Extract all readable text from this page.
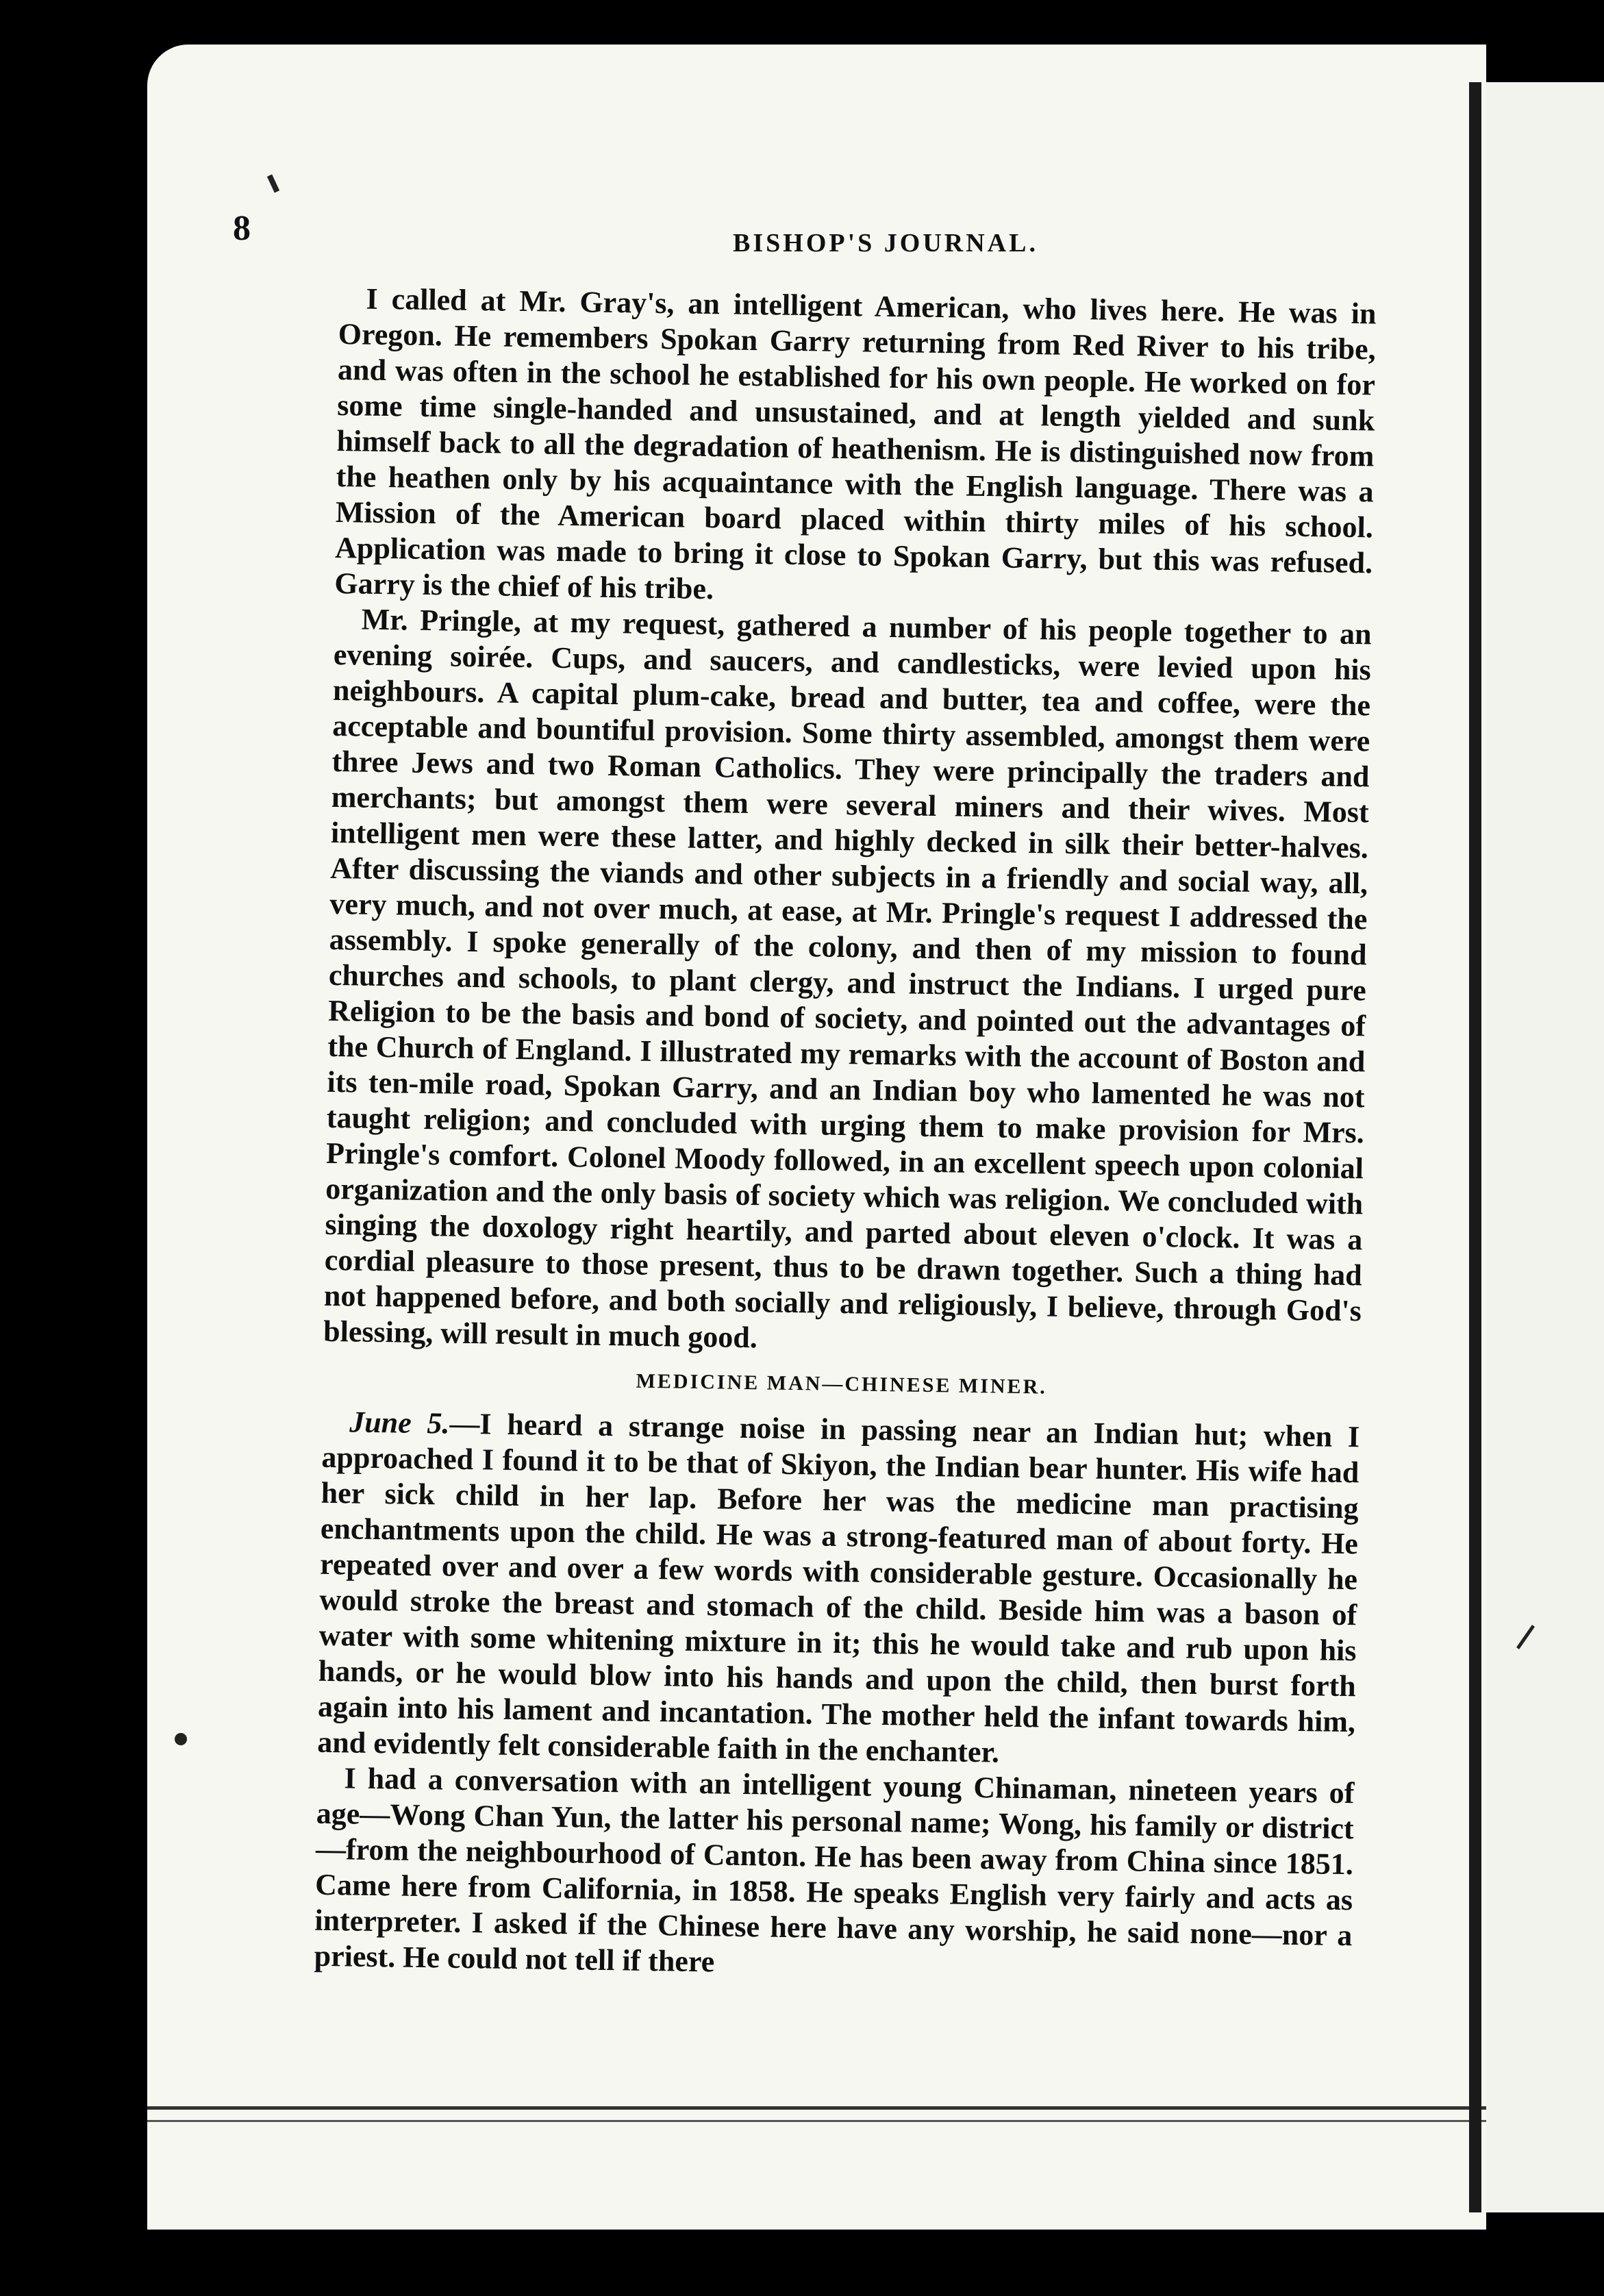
t
I
I
I
I
s
T
f
a
c
v
f
T
a
b
a
8	BISHOP'S JOURNAL.

I called at Mr. Gray's, an intelligent American, who lives here. He was in Oregon. He remembers Spokan Garry returning from Red River to his tribe, and was often in the school he established for his own people. He worked on for some time single-handed and unsustained, and at length yielded and sunk himself back to all the degradation of heathenism. He is distinguished now from the heathen only by his acquaintance with the English language. There was a Mission of the American board placed within thirty miles of his school. Application was made to bring it close to Spokan Garry, but this was refused. Garry is the chief of his tribe.

Mr. Pringle, at my request, gathered a number of his people together to an evening soirée. Cups, and saucers, and candlesticks, were levied upon his neighbours. A capital plum-cake, bread and butter, tea and coffee, were the acceptable and bountiful provision. Some thirty assembled, amongst them were three Jews and two Roman Catholics. They were principally the traders and merchants; but amongst them were several miners and their wives. Most intelligent men were these latter, and highly decked in silk their better-halves. After discussing the viands and other subjects in a friendly and social way, all, very much, and not over much, at ease, at Mr. Pringle's request I addressed the assembly. I spoke generally of the colony, and then of my mission to found churches and schools, to plant clergy, and instruct the Indians. I urged pure Religion to be the basis and bond of society, and pointed out the advantages of the Church of England. I illustrated my remarks with the account of Boston and its ten-mile road, Spokan Garry, and an Indian boy who lamented he was not taught religion; and concluded with urging them to make provision for Mrs. Pringle's comfort. Colonel Moody followed, in an excellent speech upon colonial organization and the only basis of society which was religion. We concluded with singing the doxology right heartily, and parted about eleven o'clock. It was a cordial pleasure to those present, thus to be drawn together. Such a thing had not happened before, and both socially and religiously, I believe, through God's blessing, will result in much good.

MEDICINE MAN—CHINESE MINER.

June 5.—I heard a strange noise in passing near an Indian hut; when I approached I found it to be that of Skiyon, the Indian bear hunter. His wife had her sick child in her lap. Before her was the medicine man practising enchantments upon the child. He was a strong-featured man of about forty. He repeated over and over a few words with considerable gesture. Occasionally he would stroke the breast and stomach of the child. Beside him was a bason of water with some whitening mixture in it; this he would take and rub upon his hands, or he would blow into his hands and upon the child, then burst forth again into his lament and incantation. The mother held the infant towards him, and evidently felt considerable faith in the enchanter.

I had a conversation with an intelligent young Chinaman, nineteen years of age—Wong Chan Yun, the latter his personal name; Wong, his family or district—from the neighbourhood of Canton. He has been away from China since 1851. Came here from California, in 1858. He speaks English very fairly and acts as interpreter. I asked if the Chinese here have any worship, he said none—nor a priest. He could not tell if there
